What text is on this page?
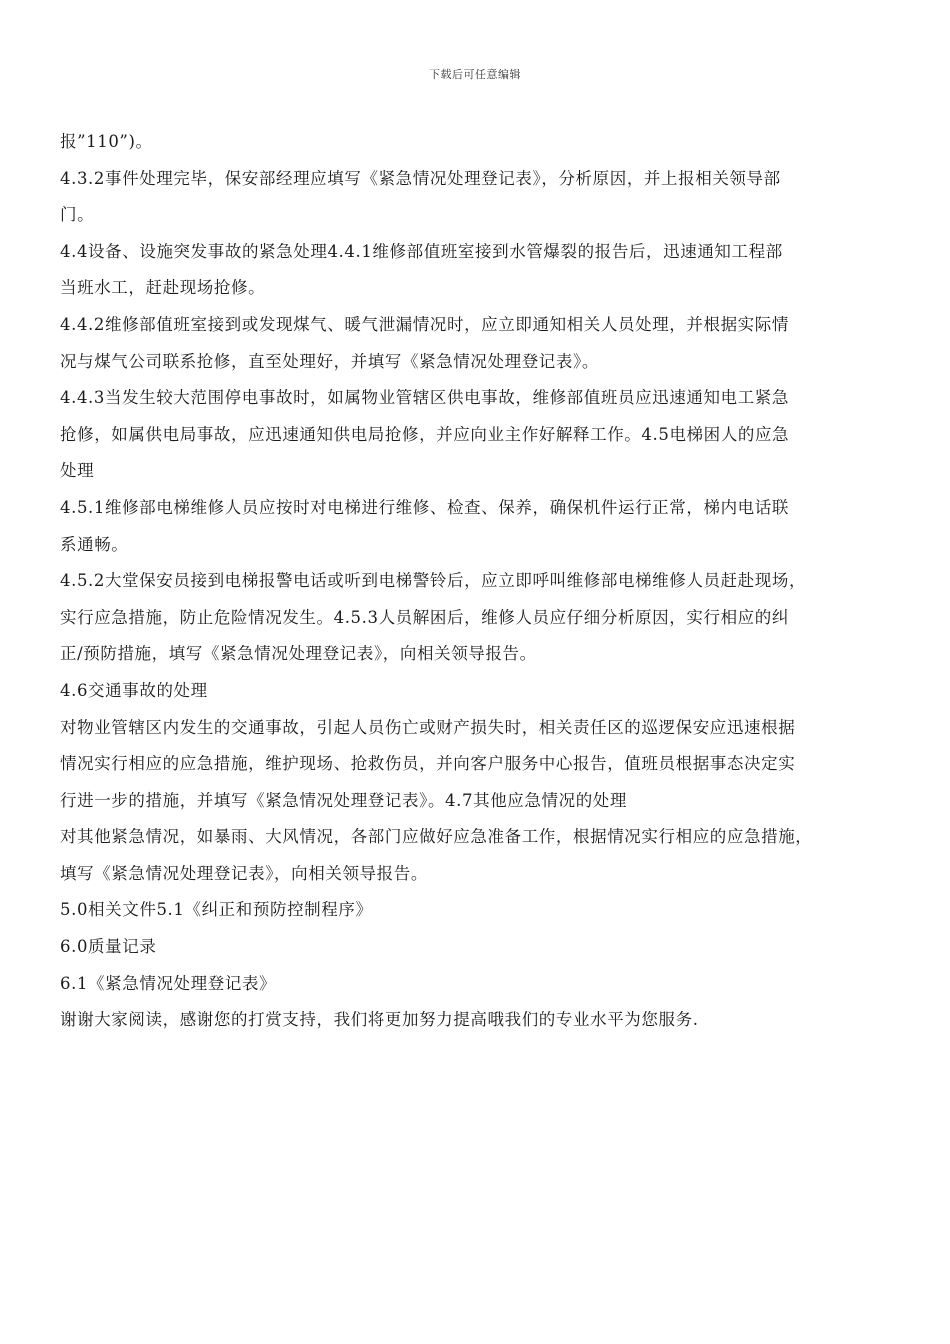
下载后可任意编辑
报”110”)。
4.3.2事件处理完毕，保安部经理应填写《紧急情况处理登记表》，分析原因，并上报相关领导部
门。
4.4设备、设施突发事故的紧急处理4.4.1维修部值班室接到水管爆裂的报告后，迅速通知工程部
当班水工，赶赴现场抢修。
4.4.2维修部值班室接到或发现煤气、暖气泄漏情况时，应立即通知相关人员处理，并根据实际情
况与煤气公司联系抢修，直至处理好，并填写《紧急情况处理登记表》。
4.4.3当发生较大范围停电事故时，如属物业管辖区供电事故，维修部值班员应迅速通知电工紧急
抢修，如属供电局事故，应迅速通知供电局抢修，并应向业主作好解释工作。4.5电梯困人的应急
处理
4.5.1维修部电梯维修人员应按时对电梯进行维修、检查、保养，确保机件运行正常，梯内电话联
系通畅。
4.5.2大堂保安员接到电梯报警电话或听到电梯警铃后，应立即呼叫维修部电梯维修人员赶赴现场，
实行应急措施，防止危险情况发生。4.5.3人员解困后，维修人员应仔细分析原因，实行相应的纠
正/预防措施，填写《紧急情况处理登记表》，向相关领导报告。
4.6交通事故的处理
对物业管辖区内发生的交通事故，引起人员伤亡或财产损失时，相关责任区的巡逻保安应迅速根据
情况实行相应的应急措施，维护现场、抢救伤员，并向客户服务中心报告，值班员根据事态决定实
行进一步的措施，并填写《紧急情况处理登记表》。4.7其他应急情况的处理
对其他紧急情况，如暴雨、大风情况，各部门应做好应急准备工作，根据情况实行相应的应急措施，
填写《紧急情况处理登记表》，向相关领导报告。
5.0相关文件5.1《纠正和预防控制程序》
6.0质量记录
6.1《紧急情况处理登记表》
谢谢大家阅读，感谢您的打赏支持，我们将更加努力提高哦我们的专业水平为您服务.
